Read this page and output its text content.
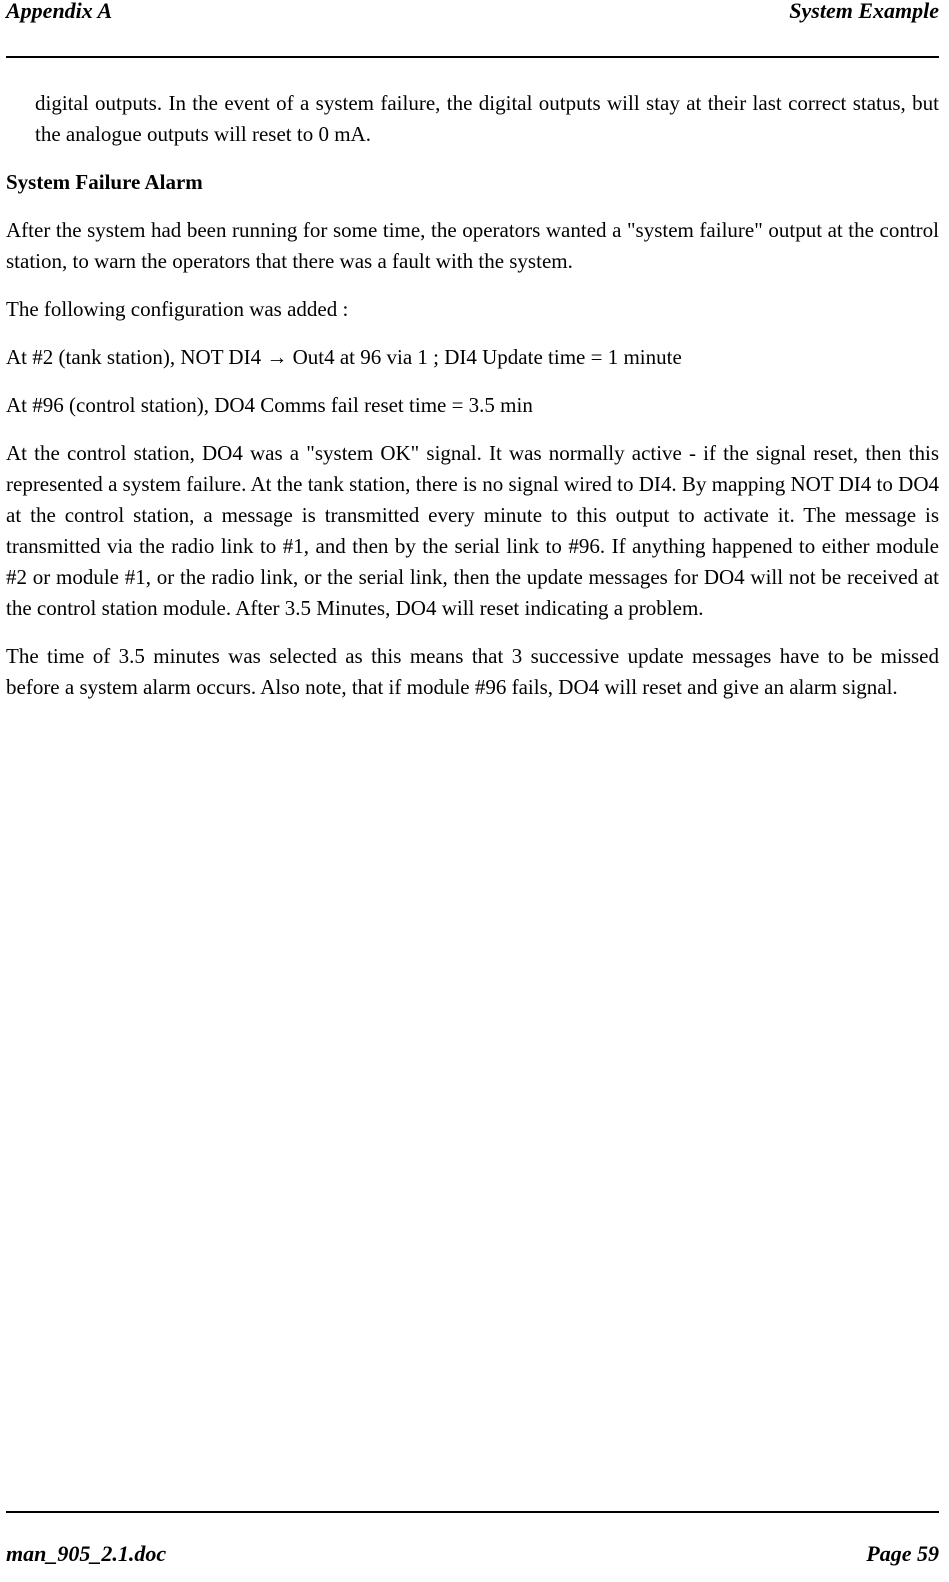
Appendix A	System Example

digital outputs. In the event of a system failure, the digital outputs will stay at their last correct status, but the analogue outputs will reset to 0 mA.

System Failure Alarm

After the system had been running for some time, the operators wanted a "system failure" output at the control station, to warn the operators that there was a fault with the system.

The following configuration was added :

At #2 (tank station), NOT DI4 → Out4 at 96 via 1 ; DI4 Update time = 1 minute

At #96 (control station), DO4 Comms fail reset time = 3.5 min

At the control station, DO4 was a "system OK" signal. It was normally active - if the signal reset, then this represented a system failure. At the tank station, there is no signal wired to DI4. By mapping NOT DI4 to DO4 at the control station, a message is transmitted every minute to this output to activate it. The message is transmitted via the radio link to #1, and then by the serial link to #96. If anything happened to either module #2 or module #1, or the radio link, or the serial link, then the update messages for DO4 will not be received at the control station module. After 3.5 Minutes, DO4 will reset indicating a problem.

The time of 3.5 minutes was selected as this means that 3 successive update messages have to be missed before a system alarm occurs. Also note, that if module #96 fails, DO4 will reset and give an alarm signal.

man_905_2.1.doc	Page 59
